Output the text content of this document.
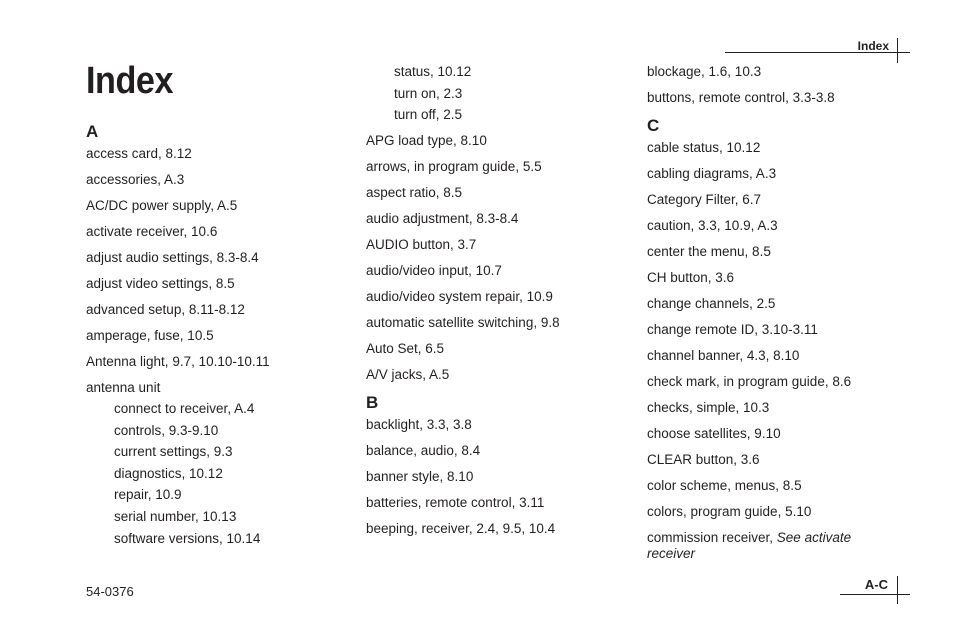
Index
Index
A
access card, 8.12
accessories, A.3
AC/DC power supply, A.5
activate receiver, 10.6
adjust audio settings, 8.3-8.4
adjust video settings, 8.5
advanced setup, 8.11-8.12
amperage, fuse, 10.5
Antenna light, 9.7, 10.10-10.11
antenna unit
connect to receiver, A.4
controls, 9.3-9.10
current settings, 9.3
diagnostics, 10.12
repair, 10.9
serial number, 10.13
software versions, 10.14
status, 10.12
turn on, 2.3
turn off, 2.5
APG load type, 8.10
arrows, in program guide, 5.5
aspect ratio, 8.5
audio adjustment, 8.3-8.4
AUDIO button, 3.7
audio/video input, 10.7
audio/video system repair, 10.9
automatic satellite switching, 9.8
Auto Set, 6.5
A/V jacks, A.5
B
backlight, 3.3, 3.8
balance, audio, 8.4
banner style, 8.10
batteries, remote control, 3.11
beeping, receiver, 2.4, 9.5, 10.4
blockage, 1.6, 10.3
buttons, remote control, 3.3-3.8
C
cable status, 10.12
cabling diagrams, A.3
Category Filter, 6.7
caution, 3.3, 10.9, A.3
center the menu, 8.5
CH button, 3.6
change channels, 2.5
change remote ID, 3.10-3.11
channel banner, 4.3, 8.10
check mark, in program guide, 8.6
checks, simple, 10.3
choose satellites, 9.10
CLEAR button, 3.6
color scheme, menus, 8.5
colors, program guide, 5.10
commission receiver, See activate receiver
A-C
54-0376
